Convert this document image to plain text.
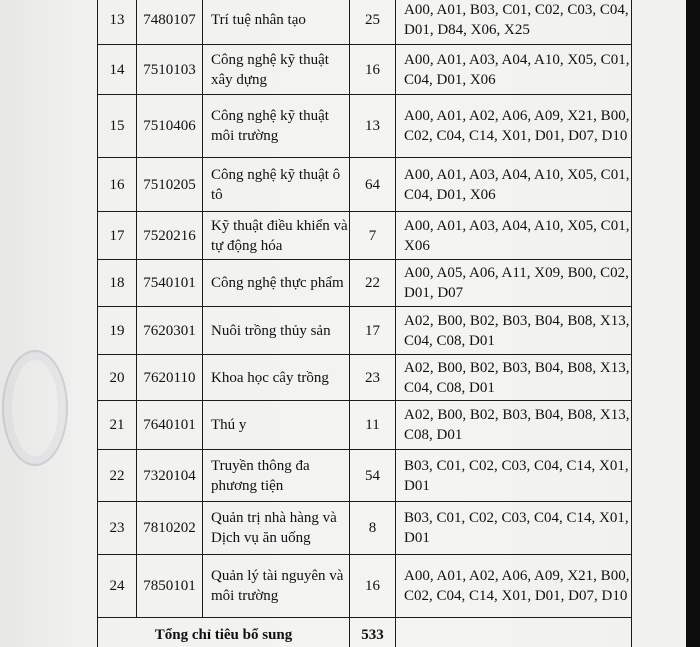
13	7480107	Trí tuệ nhân tạo	25	A00, A01, B03, C01, C02, C03, C04, D01, D84, X06, X25
14	7510103	Công nghệ kỹ thuật xây dựng	16	A00, A01, A03, A04, A10, X05, C01, C04, D01, X06
15	7510406	Công nghệ kỹ thuật môi trường	13	A00, A01, A02, A06, A09, X21, B00, C02, C04, C14, X01, D01, D07, D10
16	7510205	Công nghệ kỹ thuật ô tô	64	A00, A01, A03, A04, A10, X05, C01, C04, D01, X06
17	7520216	Kỹ thuật điều khiển và tự động hóa	7	A00, A01, A03, A04, A10, X05, C01, X06
18	7540101	Công nghệ thực phẩm	22	A00, A05, A06, A11, X09, B00, C02, D01, D07
19	7620301	Nuôi trồng thủy sản	17	A02, B00, B02, B03, B04, B08, X13, C04, C08, D01
20	7620110	Khoa học cây trồng	23	A02, B00, B02, B03, B04, B08, X13, C04, C08, D01
21	7640101	Thú y	11	A02, B00, B02, B03, B04, B08, X13, C08, D01
22	7320104	Truyền thông đa phương tiện	54	B03, C01, C02, C03, C04, C14, X01, D01
23	7810202	Quản trị nhà hàng và Dịch vụ ăn uống	8	B03, C01, C02, C03, C04, C14, X01, D01
24	7850101	Quản lý tài nguyên và môi trường	16	A00, A01, A02, A06, A09, X21, B00, C02, C04, C14, X01, D01, D07, D10
Tổng chỉ tiêu bổ sung			533	
